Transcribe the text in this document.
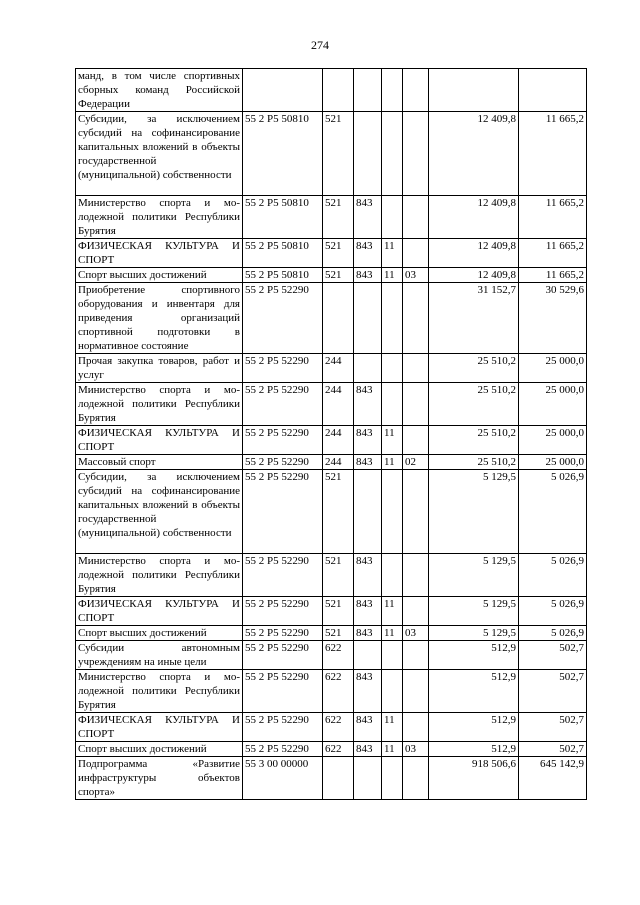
274
манд, в том числе спортивных сборных команд Российской Федерации							
Субсидии, за исключением субсидий на софинансирование капитальных вложений в объекты государственной (муниципальной) собственности	55 2 P5 50810	521				12 409,8	11 665,2
Министерство спорта и молодежной политики Республики Бурятия	55 2 P5 50810	521	843			12 409,8	11 665,2
ФИЗИЧЕСКАЯ КУЛЬТУРА И СПОРТ	55 2 P5 50810	521	843	11		12 409,8	11 665,2
Спорт высших достижений	55 2 P5 50810	521	843	11	03	12 409,8	11 665,2
Приобретение спортивного оборудования и инвентаря для приведения организаций спортивной подготовки в нормативное состояние	55 2 P5 52290					31 152,7	30 529,6
Прочая закупка товаров, работ и услуг	55 2 P5 52290	244				25 510,2	25 000,0
Министерство спорта и молодежной политики Республики Бурятия	55 2 P5 52290	244	843			25 510,2	25 000,0
ФИЗИЧЕСКАЯ КУЛЬТУРА И СПОРТ	55 2 P5 52290	244	843	11		25 510,2	25 000,0
Массовый спорт	55 2 P5 52290	244	843	11	02	25 510,2	25 000,0
Субсидии, за исключением субсидий на софинансирование капитальных вложений в объекты государственной (муниципальной) собственности	55 2 P5 52290	521				5 129,5	5 026,9
Министерство спорта и молодежной политики Республики Бурятия	55 2 P5 52290	521	843			5 129,5	5 026,9
ФИЗИЧЕСКАЯ КУЛЬТУРА И СПОРТ	55 2 P5 52290	521	843	11		5 129,5	5 026,9
Спорт высших достижений	55 2 P5 52290	521	843	11	03	5 129,5	5 026,9
Субсидии автономным учреждениям на иные цели	55 2 P5 52290	622				512,9	502,7
Министерство спорта и молодежной политики Республики Бурятия	55 2 P5 52290	622	843			512,9	502,7
ФИЗИЧЕСКАЯ КУЛЬТУРА И СПОРТ	55 2 P5 52290	622	843	11		512,9	502,7
Спорт высших достижений	55 2 P5 52290	622	843	11	03	512,9	502,7
Подпрограмма «Развитие инфраструктуры объектов спорта»	55 3 00 00000					918 506,6	645 142,9
